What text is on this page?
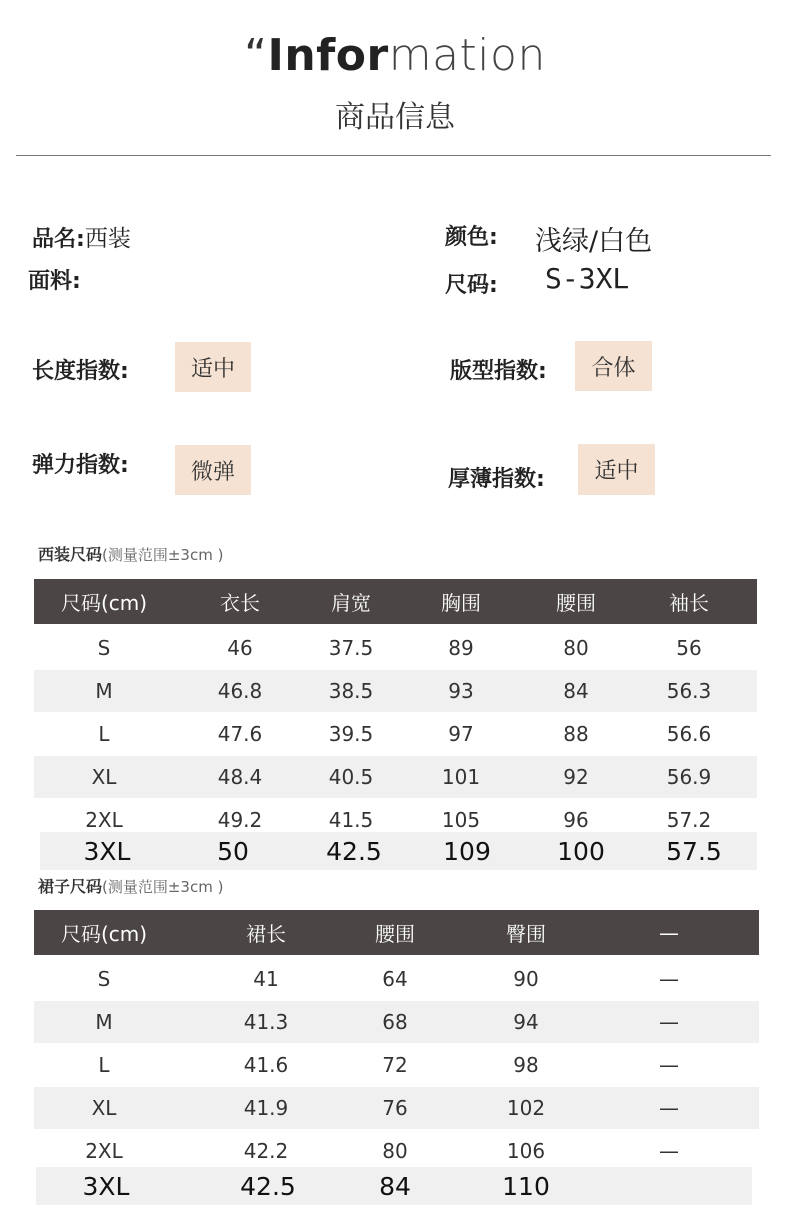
“Information
商品信息
品名:西装
面料:
颜色: 浅绿/白色
尺码: S-3XL
长度指数:	适中	版型指数:	合体
弹力指数:	微弹	厚薄指数:	适中
西装尺码(测量范围±3cm )
尺码(cm)	衣长	肩宽	胸围	腰围	袖长
S	46	37.5	89	80	56
M	46.8	38.5	93	84	56.3
L	47.6	39.5	97	88	56.6
XL	48.4	40.5	101	92	56.9
2XL	49.2	41.5	105	96	57.2
3XL	50	42.5	109	100	57.5
裙子尺码(测量范围±3cm )
尺码(cm)	裙长	腰围	臀围	—
S	41	64	90	—
M	41.3	68	94	—
L	41.6	72	98	—
XL	41.9	76	102	—
2XL	42.2	80	106	—
3XL	42.5	84	110
